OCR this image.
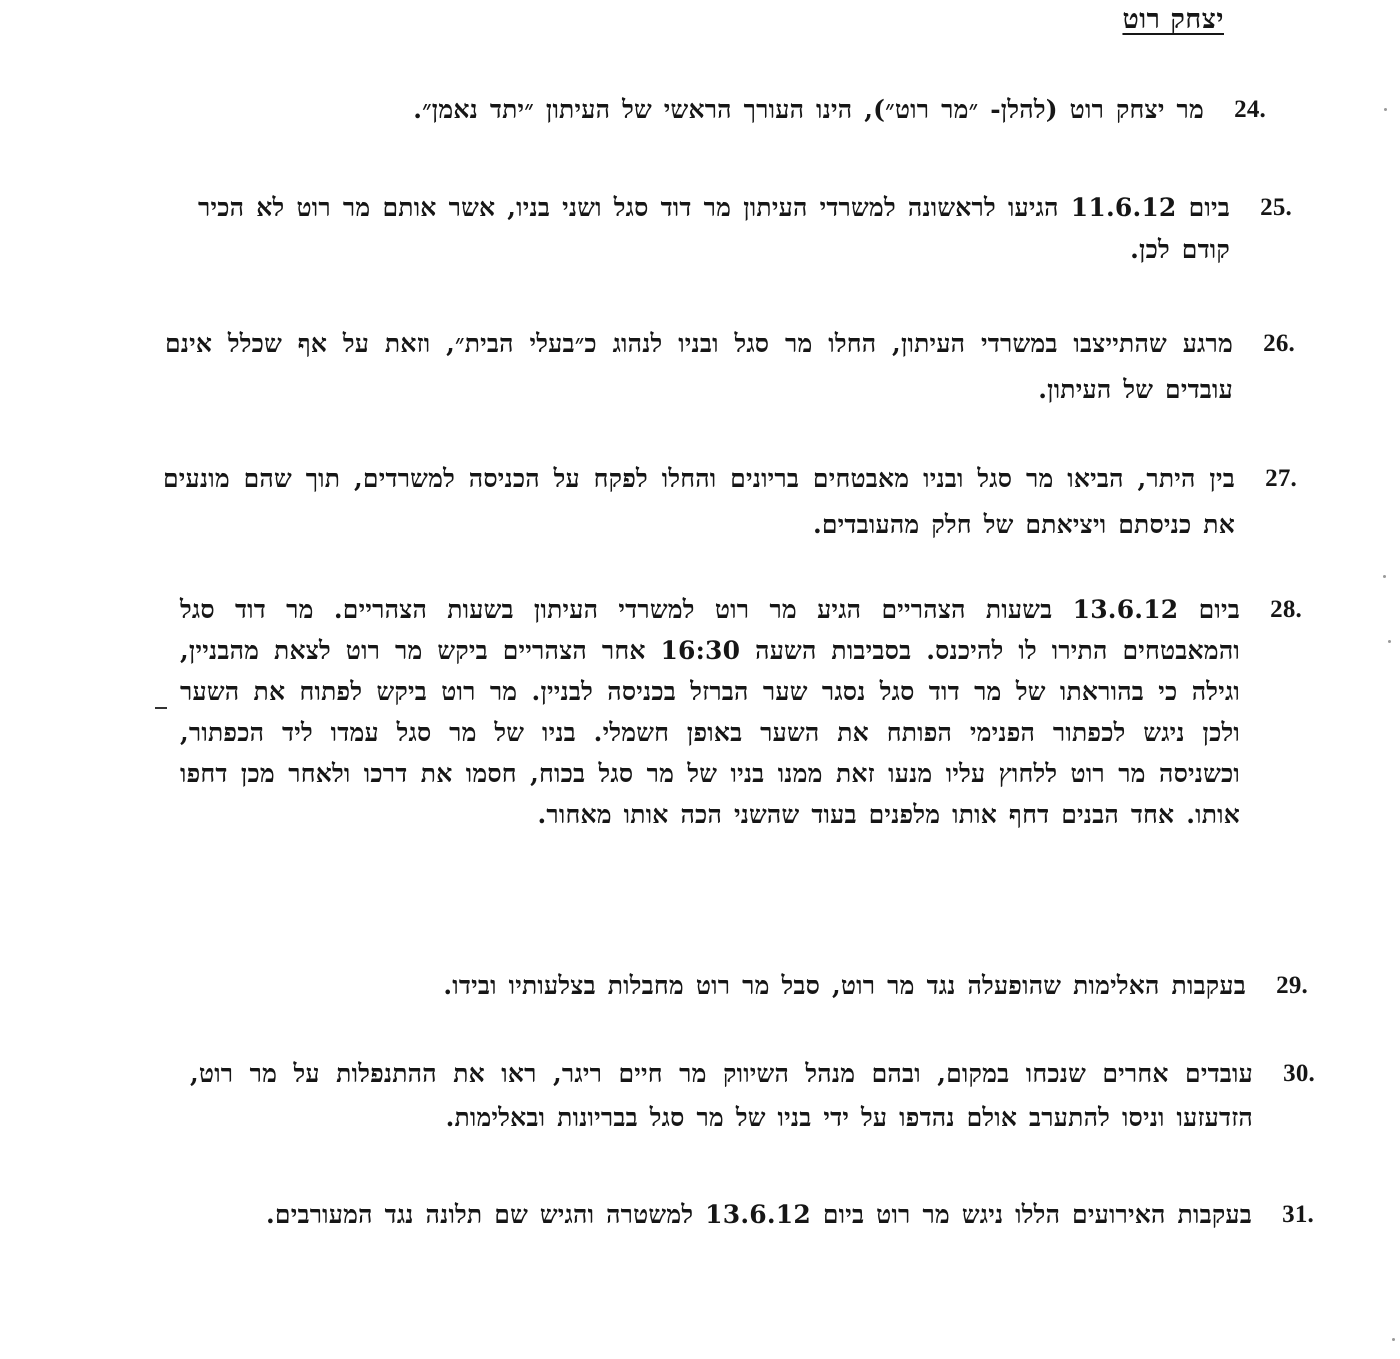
יצחק רוט
24.
מר יצחק רוט (להלן- ״מר רוט״), הינו העורך הראשי של העיתון ״יתד נאמן״.
25.
ביום 11.6.12 הגיעו לראשונה למשרדי העיתון מר דוד סגל ושני בניו, אשר אותם מר רוט לא הכיר קודם לכן.
26.
מרגע שהתייצבו במשרדי העיתון, החלו מר סגל ובניו לנהוג כ״בעלי הבית״, וזאת על אף שכלל אינם עובדים של העיתון.
27.
בין היתר, הביאו מר סגל ובניו מאבטחים בריונים והחלו לפקח על הכניסה למשרדים, תוך שהם מונעים את כניסתם ויציאתם של חלק מהעובדים.
28.
ביום 13.6.12 בשעות הצהריים הגיע מר רוט למשרדי העיתון בשעות הצהריים. מר דוד סגל והמאבטחים התירו לו להיכנס. בסביבות השעה 16:30 אחר הצהריים ביקש מר רוט לצאת מהבניין, וגילה כי בהוראתו של מר דוד סגל נסגר שער הברזל בכניסה לבניין. מר רוט ביקש לפתוח את השער ולכן ניגש לכפתור הפנימי הפותח את השער באופן חשמלי. בניו של מר סגל עמדו ליד הכפתור, וכשניסה מר רוט ללחוץ עליו מנעו זאת ממנו בניו של מר סגל בכוח, חסמו את דרכו ולאחר מכן דחפו אותו. אחד הבנים דחף אותו מלפנים בעוד שהשני הכה אותו מאחור.
29.
בעקבות האלימות שהופעלה נגד מר רוט, סבל מר רוט מחבלות בצלעותיו ובידו.
30.
עובדים אחרים שנכחו במקום, ובהם מנהל השיווק מר חיים ריגר, ראו את ההתנפלות על מר רוט, הזדעזעו וניסו להתערב אולם נהדפו על ידי בניו של מר סגל בבריונות ובאלימות.
31.
בעקבות האירועים הללו ניגש מר רוט ביום 13.6.12 למשטרה והגיש שם תלונה נגד המעורבים.
